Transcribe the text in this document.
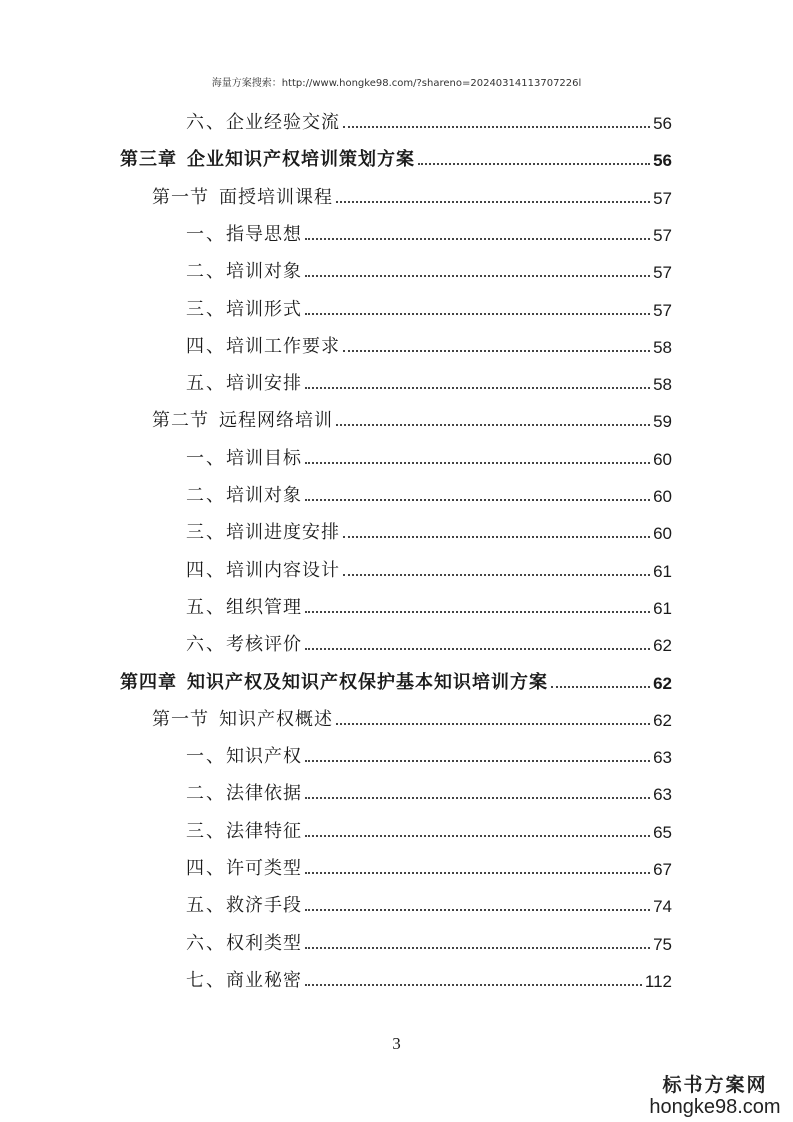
海量方案搜索：http://www.hongke98.com/?shareno=20240314113707226l
六、企业经验交流	56
第三章  企业知识产权培训策划方案	56
第一节  面授培训课程	57
一、指导思想	57
二、培训对象	57
三、培训形式	57
四、培训工作要求	58
五、培训安排	58
第二节  远程网络培训	59
一、培训目标	60
二、培训对象	60
三、培训进度安排	60
四、培训内容设计	61
五、组织管理	61
六、考核评价	62
第四章  知识产权及知识产权保护基本知识培训方案	62
第一节  知识产权概述	62
一、知识产权	63
二、法律依据	63
三、法律特征	65
四、许可类型	67
五、救济手段	74
六、权利类型	75
七、商业秘密	112
3
标书方案网
hongke98.com
